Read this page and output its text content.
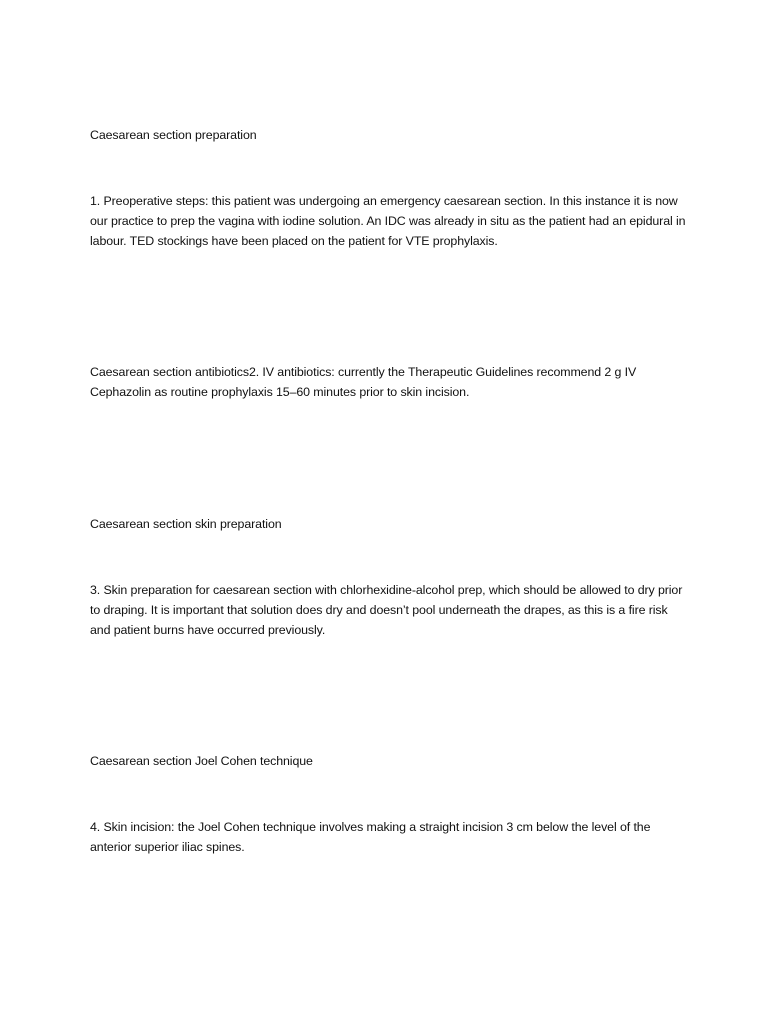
Caesarean section preparation

1. Preoperative steps: this patient was undergoing an emergency caesarean section. In this instance it is now our practice to prep the vagina with iodine solution. An IDC was already in situ as the patient had an epidural in labour. TED stockings have been placed on the patient for VTE prophylaxis.

Caesarean section antibiotics2. IV antibiotics: currently the Therapeutic Guidelines recommend 2 g IV Cephazolin as routine prophylaxis 15–60 minutes prior to skin incision.

Caesarean section skin preparation

3. Skin preparation for caesarean section with chlorhexidine-alcohol prep, which should be allowed to dry prior to draping. It is important that solution does dry and doesn’t pool underneath the drapes, as this is a fire risk and patient burns have occurred previously.

Caesarean section Joel Cohen technique

4. Skin incision: the Joel Cohen technique involves making a straight incision 3 cm below the level of the anterior superior iliac spines.
